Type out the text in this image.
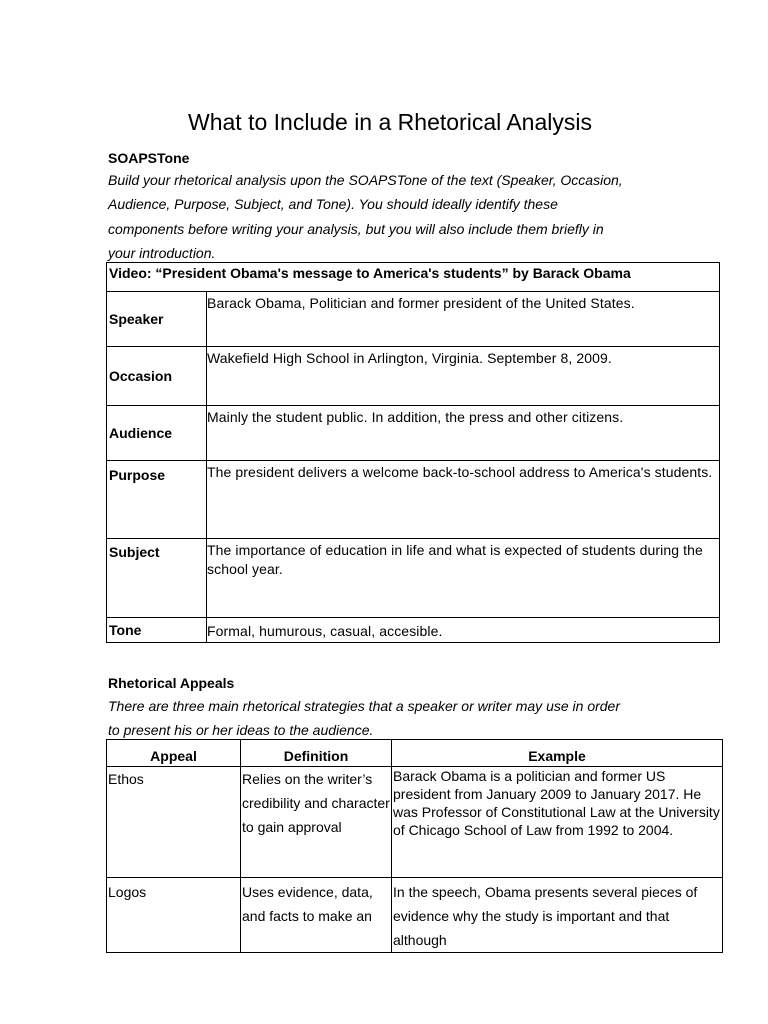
What to Include in a Rhetorical Analysis
SOAPSTone
Build your rhetorical analysis upon the SOAPSTone of the text (Speaker, Occasion, Audience, Purpose, Subject, and Tone). You should ideally identify these components before writing your analysis, but you will also include them briefly in your introduction.
Video: “President Obama's message to America's students” by Barack Obama	
Speaker	Barack Obama, Politician and former president of the United States.
Occasion	Wakefield High School in Arlington, Virginia. September 8, 2009.
Audience	Mainly the student public. In addition, the press and other citizens.
Purpose	The president delivers a welcome back-to-school address to America's students.
Subject	The importance of education in life and what is expected of students during the school year.
Tone	Formal, humurous, casual, accesible.
Rhetorical Appeals
There are three main rhetorical strategies that a speaker or writer may use in order to present his or her ideas to the audience.
Appeal	Definition	Example
Ethos	Relies on the writer’s credibility and character to gain approval	Barack Obama is a politician and former US president from January 2009 to January 2017. He was Professor of Constitutional Law at the University of Chicago School of Law from 1992 to 2004.
Logos	Uses evidence, data, and facts to make an	In the speech, Obama presents several pieces of evidence why the study is important and that although
